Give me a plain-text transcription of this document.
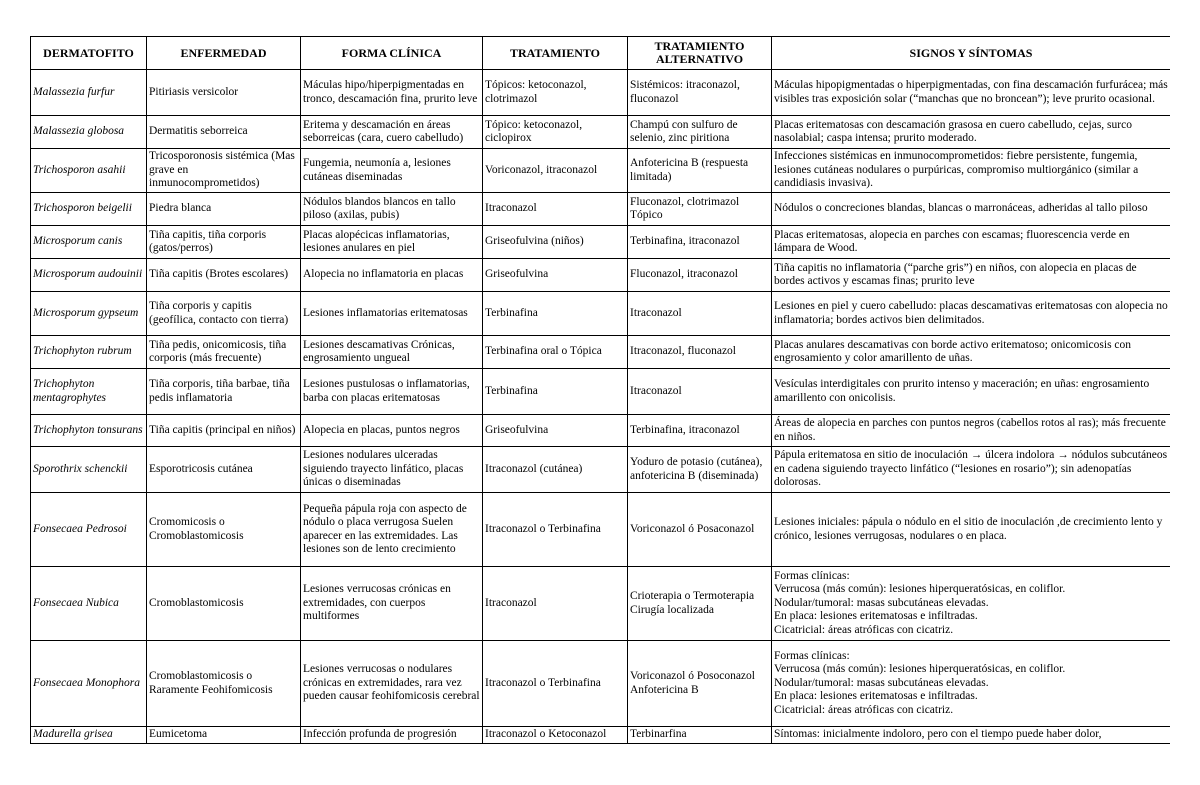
DERMATOFITO	ENFERMEDAD	FORMA CLÍNICA	TRATAMIENTO	TRATAMIENTO ALTERNATIVO	SIGNOS Y SÍNTOMAS
Malassezia furfur	Pitiriasis versicolor	Máculas hipo/hiperpigmentadas en tronco, descamación fina, prurito leve	Tópicos: ketoconazol, clotrimazol	Sistémicos: itraconazol, fluconazol	Máculas hipopigmentadas o hiperpigmentadas, con fina descamación furfurácea; más visibles tras exposición solar (“manchas que no broncean”); leve prurito ocasional.
Malassezia globosa	Dermatitis seborreica	Eritema y descamación en áreas seborreicas (cara, cuero cabelludo)	Tópico: ketoconazol, ciclopirox	Champú con sulfuro de selenio, zinc piritiona	Placas eritematosas con descamación grasosa en cuero cabelludo, cejas, surco nasolabial; caspa intensa; prurito moderado.
Trichosporon asahii	Tricosporonosis sistémica (Mas grave en inmunocomprometidos)	Fungemia, neumonía a, lesiones cutáneas diseminadas	Voriconazol, itraconazol	Anfotericina B (respuesta limitada)	Infecciones sistémicas en inmunocomprometidos: fiebre persistente, fungemia, lesiones cutáneas nodulares o purpúricas, compromiso multiorgánico (similar a candidiasis invasiva).
Trichosporon beigelii	Piedra blanca	Nódulos blandos blancos en tallo piloso (axilas, pubis)	Itraconazol	Fluconazol, clotrimazol Tópico	Nódulos o concreciones blandas, blancas o marronáceas, adheridas al tallo piloso
Microsporum canis	Tiña capitis, tiña corporis (gatos/perros)	Placas alopécicas inflamatorias, lesiones anulares en piel	Griseofulvina (niños)	Terbinafina, itraconazol	Placas eritematosas, alopecia en parches con escamas; fluorescencia verde en lámpara de Wood.
Microsporum audouinii	Tiña capitis (Brotes escolares)	Alopecia no inflamatoria en placas	Griseofulvina	Fluconazol, itraconazol	Tiña capitis no inflamatoria (“parche gris”) en niños, con alopecia en placas de bordes activos y escamas finas; prurito leve
Microsporum gypseum	Tiña corporis y capitis (geofílica, contacto con tierra)	Lesiones inflamatorias eritematosas	Terbinafina	Itraconazol	Lesiones en piel y cuero cabelludo: placas descamativas eritematosas con alopecia no inflamatoria; bordes activos bien delimitados.
Trichophyton rubrum	Tiña pedis, onicomicosis, tiña corporis (más frecuente)	Lesiones descamativas Crónicas, engrosamiento ungueal	Terbinafina oral o Tópica	Itraconazol, fluconazol	Placas anulares descamativas con borde activo eritematoso; onicomicosis con engrosamiento y color amarillento de uñas.
Trichophyton mentagrophytes	Tiña corporis, tiña barbae, tiña pedis inflamatoria	Lesiones pustulosas o inflamatorias, barba con placas eritematosas	Terbinafina	Itraconazol	Vesículas interdigitales con prurito intenso y maceración; en uñas: engrosamiento amarillento con onicolisis.
Trichophyton tonsurans	Tiña capitis (principal en niños)	Alopecia en placas, puntos negros	Griseofulvina	Terbinafina, itraconazol	Áreas de alopecia en parches con puntos negros (cabellos rotos al ras); más frecuente en niños.
Sporothrix schenckii	Esporotricosis cutánea	Lesiones nodulares ulceradas siguiendo trayecto linfático, placas únicas o diseminadas	Itraconazol (cutánea)	Yoduro de potasio (cutánea), anfotericina B (diseminada)	Pápula eritematosa en sitio de inoculación → úlcera indolora → nódulos subcutáneos en cadena siguiendo trayecto linfático (“lesiones en rosario”); sin adenopatías dolorosas.
Fonsecaea Pedrosoi	Cromomicosis o Cromoblastomicosis	Pequeña pápula roja con aspecto de nódulo o placa verrugosa Suelen aparecer en las extremidades. Las lesiones son de lento crecimiento	Itraconazol o Terbinafina	Voriconazol ó Posaconazol	Lesiones iniciales: pápula o nódulo en el sitio de inoculación ,de crecimiento lento y crónico, lesiones verrugosas, nodulares o en placa.
Fonsecaea Nubica	Cromoblastomicosis	Lesiones verrucosas crónicas en extremidades, con cuerpos multiformes	Itraconazol	Crioterapia o Termoterapia Cirugía localizada	Formas clínicas:
Verrucosa (más común): lesiones hiperqueratósicas, en coliflor.
Nodular/tumoral: masas subcutáneas elevadas.
En placa: lesiones eritematosas e infiltradas.
Cicatricial: áreas atróficas con cicatriz.
Fonsecaea Monophora	Cromoblastomicosis o Raramente Feohifomicosis	Lesiones verrucosas o nodulares crónicas en extremidades, rara vez pueden causar feohifomicosis cerebral	Itraconazol o Terbinafina	Voriconazol ó Posoconazol Anfotericina B	Formas clínicas:
Verrucosa (más común): lesiones hiperqueratósicas, en coliflor.
Nodular/tumoral: masas subcutáneas elevadas.
En placa: lesiones eritematosas e infiltradas.
Cicatricial: áreas atróficas con cicatriz.
Madurella grisea	Eumicetoma	Infección profunda de progresión	Itraconazol o Ketoconazol	Terbinarfina	Síntomas: inicialmente indoloro, pero con el tiempo puede haber dolor,
